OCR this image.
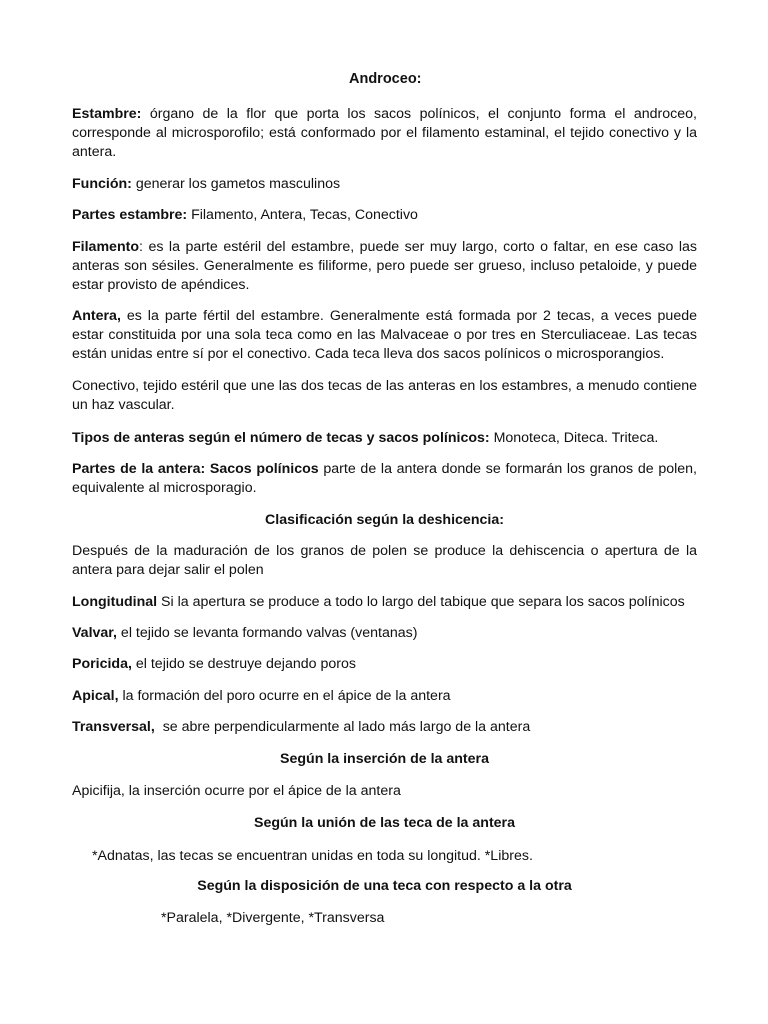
Androceo:

Estambre: órgano de la flor que porta los sacos polínicos, el conjunto forma el androceo, corresponde al microsporofilo; está conformado por el filamento estaminal, el tejido conectivo y la antera.

Función: generar los gametos masculinos

Partes estambre: Filamento, Antera, Tecas, Conectivo

Filamento: es la parte estéril del estambre, puede ser muy largo, corto o faltar, en ese caso las anteras son sésiles. Generalmente es filiforme, pero puede ser grueso, incluso petaloide, y puede estar provisto de apéndices.

Antera, es la parte fértil del estambre. Generalmente está formada por 2 tecas, a veces puede estar constituida por una sola teca como en las Malvaceae o por tres en Sterculiaceae. Las tecas están unidas entre sí por el conectivo. Cada teca lleva dos sacos polínicos o microsporangios.

Conectivo, tejido estéril que une las dos tecas de las anteras en los estambres, a menudo contiene un haz vascular.

Tipos de anteras según el número de tecas y sacos polínicos: Monoteca, Diteca. Triteca.

Partes de la antera: Sacos polínicos parte de la antera donde se formarán los granos de polen, equivalente al microsporagio.

Clasificación según la deshicencia:

Después de la maduración de los granos de polen se produce la dehiscencia o apertura de la antera para dejar salir el polen

Longitudinal Si la apertura se produce a todo lo largo del tabique que separa los sacos polínicos

Valvar, el tejido se levanta formando valvas (ventanas)

Poricida, el tejido se destruye dejando poros

Apical, la formación del poro ocurre en el ápice de la antera

Transversal,  se abre perpendicularmente al lado más largo de la antera

Según la inserción de la antera

Apicifija, la inserción ocurre por el ápice de la antera

Según la unión de las teca de la antera

*Adnatas, las tecas se encuentran unidas en toda su longitud. *Libres.

Según la disposición de una teca con respecto a la otra

*Paralela, *Divergente, *Transversa
